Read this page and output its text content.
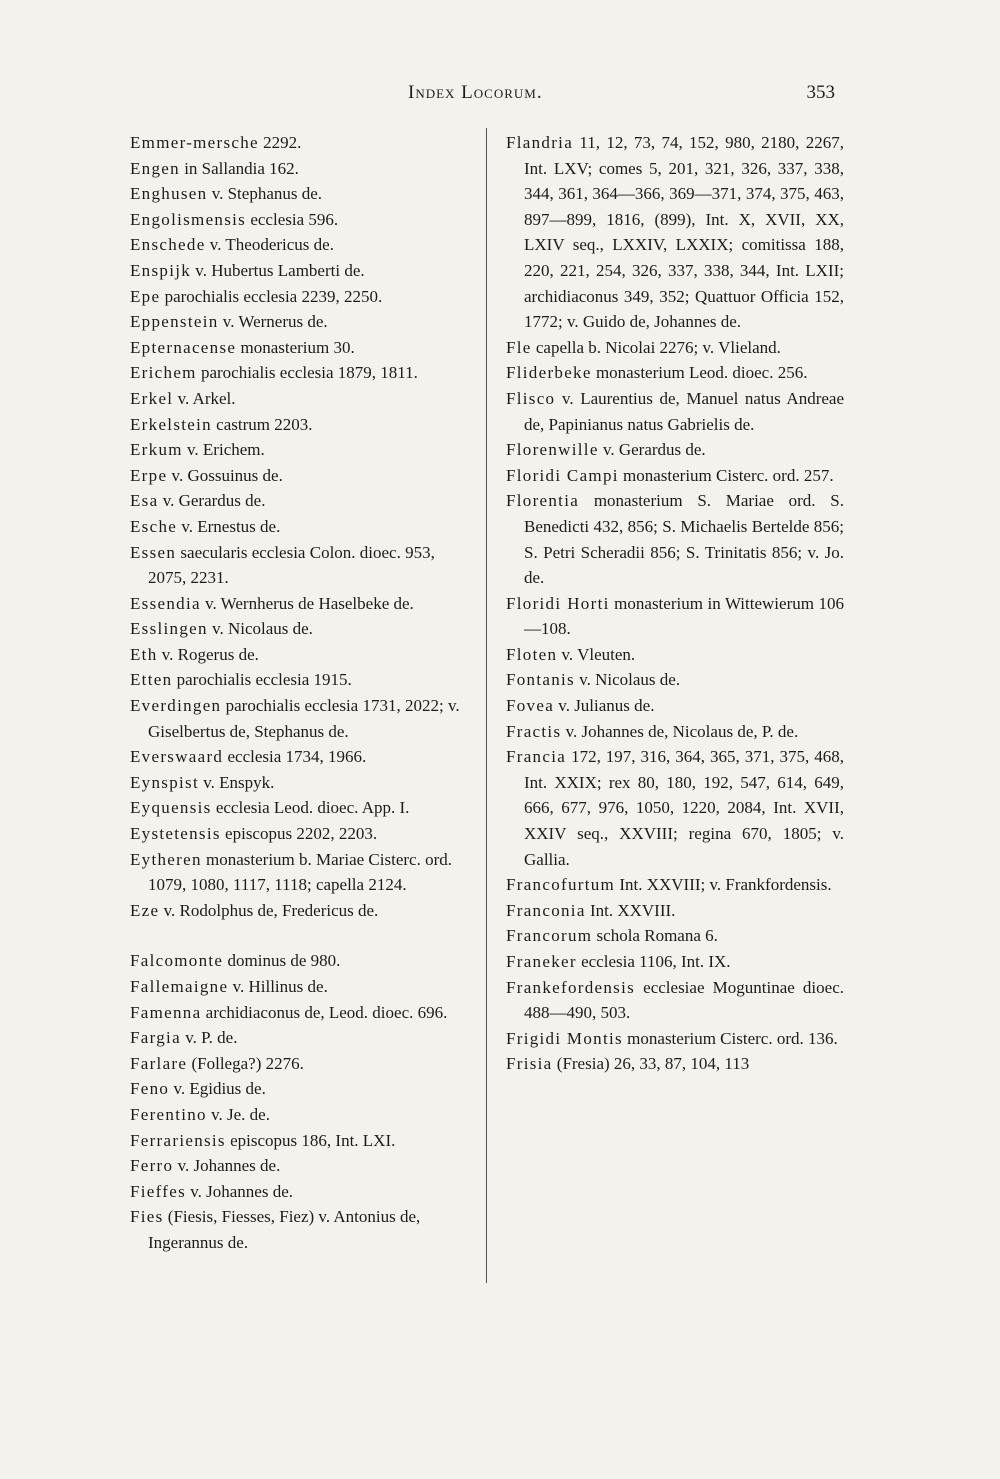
Index Locorum.	353
Emmer-mersche 2292.
Engen in Sallandia 162.
Enghusen v. Stephanus de.
Engolismensis ecclesia 596.
Enschede v. Theodericus de.
Enspijk v. Hubertus Lamberti de.
Epe parochialis ecclesia 2239, 2250.
Eppenstein v. Wernerus de.
Epternacense monasterium 30.
Erichem parochialis ecclesia 1879, 1811.
Erkel v. Arkel.
Erkelstein castrum 2203.
Erkum v. Erichem.
Erpe v. Gossuinus de.
Esa v. Gerardus de.
Esche v. Ernestus de.
Essen saecularis ecclesia Colon. dioec. 953, 2075, 2231.
Essendia v. Wernherus de Haselbeke de.
Esslingen v. Nicolaus de.
Eth v. Rogerus de.
Etten parochialis ecclesia 1915.
Everdingen parochialis ecclesia 1731, 2022; v. Giselbertus de, Stephanus de.
Everswaard ecclesia 1734, 1966.
Eynspist v. Enspyk.
Eyquensis ecclesia Leod. dioec. App. I.
Eystetensis episcopus 2202, 2203.
Eytheren monasterium b. Mariae Cisterc. ord. 1079, 1080, 1117, 1118; capella 2124.
Eze v. Rodolphus de, Fredericus de.
Falcomonte dominus de 980.
Fallemaigne v. Hillinus de.
Famenna archidiaconus de, Leod. dioec. 696.
Fargia v. P. de.
Farlare (Follega?) 2276.
Feno v. Egidius de.
Ferentino v. Je. de.
Ferrariensis episcopus 186, Int. LXI.
Ferro v. Johannes de.
Fieffes v. Johannes de.
Fies (Fiesis, Fiesses, Fiez) v. Antonius de, Ingerannus de.
Flandria 11, 12, 73, 74, 152, 980, 2180, 2267, Int. LXV; comes 5, 201, 321, 326, 337, 338, 344, 361, 364—366, 369—371, 374, 375, 463, 897—899, 1816, (899), Int. X, XVII, XX, LXIV seq., LXXIV, LXXIX; comitissa 188, 220, 221, 254, 326, 337, 338, 344, Int. LXII; archidiaconus 349, 352; Quattuor Officia 152, 1772; v. Guido de, Johannes de.
Fle capella b. Nicolai 2276; v. Vlieland.
Fliderbeke monasterium Leod. dioec. 256.
Flisco v. Laurentius de, Manuel natus Andreae de, Papinianus natus Gabrielis de.
Florenwille v. Gerardus de.
Floridi Campi monasterium Cisterc. ord. 257.
Florentia monasterium S. Mariae ord. S. Benedicti 432, 856; S. Michaelis Bertelde 856; S. Petri Scheradii 856; S. Trinitatis 856; v. Jo. de.
Floridi Horti monasterium in Wittewierum 106—108.
Floten v. Vleuten.
Fontanis v. Nicolaus de.
Fovea v. Julianus de.
Fractis v. Johannes de, Nicolaus de, P. de.
Francia 172, 197, 316, 364, 365, 371, 375, 468, Int. XXIX; rex 80, 180, 192, 547, 614, 649, 666, 677, 976, 1050, 1220, 2084, Int. XVII, XXIV seq., XXVIII; regina 670, 1805; v. Gallia.
Francofurtum Int. XXVIII; v. Frankfordensis.
Franconia Int. XXVIII.
Francorum schola Romana 6.
Franeker ecclesia 1106, Int. IX.
Frankefordensis ecclesiae Moguntinae dioec. 488—490, 503.
Frigidi Montis monasterium Cisterc. ord. 136.
Frisia (Fresia) 26, 33, 87, 104, 113
